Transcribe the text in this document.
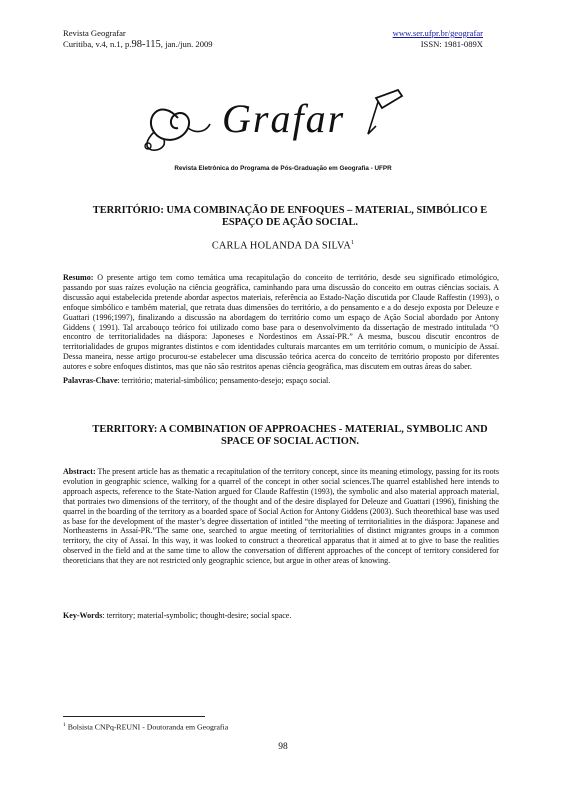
Revista Geografar
Curitiba, v.4, n.1, p.98-115, jan./jun. 2009
www.ser.ufpr.br/geografar
ISSN: 1981-089X
Grafar
Revista Eletrônica do Programa de Pós-Graduação em Geografia - UFPR
TERRITÓRIO: UMA COMBINAÇÃO DE ENFOQUES – MATERIAL, SIMBÓLICO E ESPAÇO DE AÇÃO SOCIAL.
CARLA HOLANDA DA SILVA$^1$
Resumo: O presente artigo tem como temática uma recapitulação do conceito de território, desde seu significado etimológico, passando por suas raízes evolução na ciência geográfica, caminhando para uma discussão do conceito em outras ciências sociais. A discussão aqui estabelecida pretende abordar aspectos materiais, referência ao Estado-Nação discutida por Claude Raffestin (1993), o enfoque simbólico e também material, que retrata duas dimensões do território, a do pensamento e a do desejo exposta por Deleuze e Guattari (1996;1997), finalizando a discussão na abordagem do território como um espaço de Ação Social abordado por Antony Giddens ( 1991). Tal arcabouço teórico foi utilizado como base para o desenvolvimento da dissertação de mestrado intitulada “O encontro de territorialidades na diáspora: Japoneses e Nordestinos em Assaí-PR.” A mesma, buscou discutir encontros de territorialidades de grupos migrantes distintos e com identidades culturais marcantes em um território comum, o município de Assaí. Dessa maneira, nesse artigo procurou-se estabelecer uma discussão teórica acerca do conceito de território proposto por diferentes autores e sobre enfoques distintos, mas que não são restritos apenas ciência geográfica, mas discutem em outras áreas do saber.
Palavras-Chave: território; material-simbólico; pensamento-desejo; espaço social.
TERRITORY: A COMBINATION OF APPROACHES - MATERIAL, SYMBOLIC AND SPACE OF SOCIAL ACTION.
Abstract: The present article has as thematic a recapitulation of the territory concept, since its meaning etimology, passing for its roots evolution in geographic science, walking for a quarrel of the concept in other social sciences.The quarrel established here intends to approach aspects, reference to the State-Nation argued for Claude Raffestin (1993), the symbolic and also material approach material, that portraies two dimensions of the territory, of the thought and of the desire displayed for Deleuze and Guattari (1996), finishing the quarrel in the boarding of the territory as a boarded space of Social Action for Antony Giddens (2003). Such theorethical base was used as base for the development of the master’s degree dissertation of intitled “the meeting of territorialities in the diáspora: Japanese and Northeasterns in Assaí-PR.”The same one, searched to argue meeting of territorialities of distinct migrantes groups in a common territory, the city of Assaí. In this way, it was looked to construct a theoretical apparatus that it aimed at to give to base the realities observed in the field and at the same time to allow the conversation of different approaches of the concept of territory considered for theoreticians that they are not restricted only geographic science, but argue in other areas of knowing.
Key-Words: territory; material-symbolic; thought-desire; social space.
$^1$ Bolsista CNPq-REUNI - Doutoranda em Geografia
98
